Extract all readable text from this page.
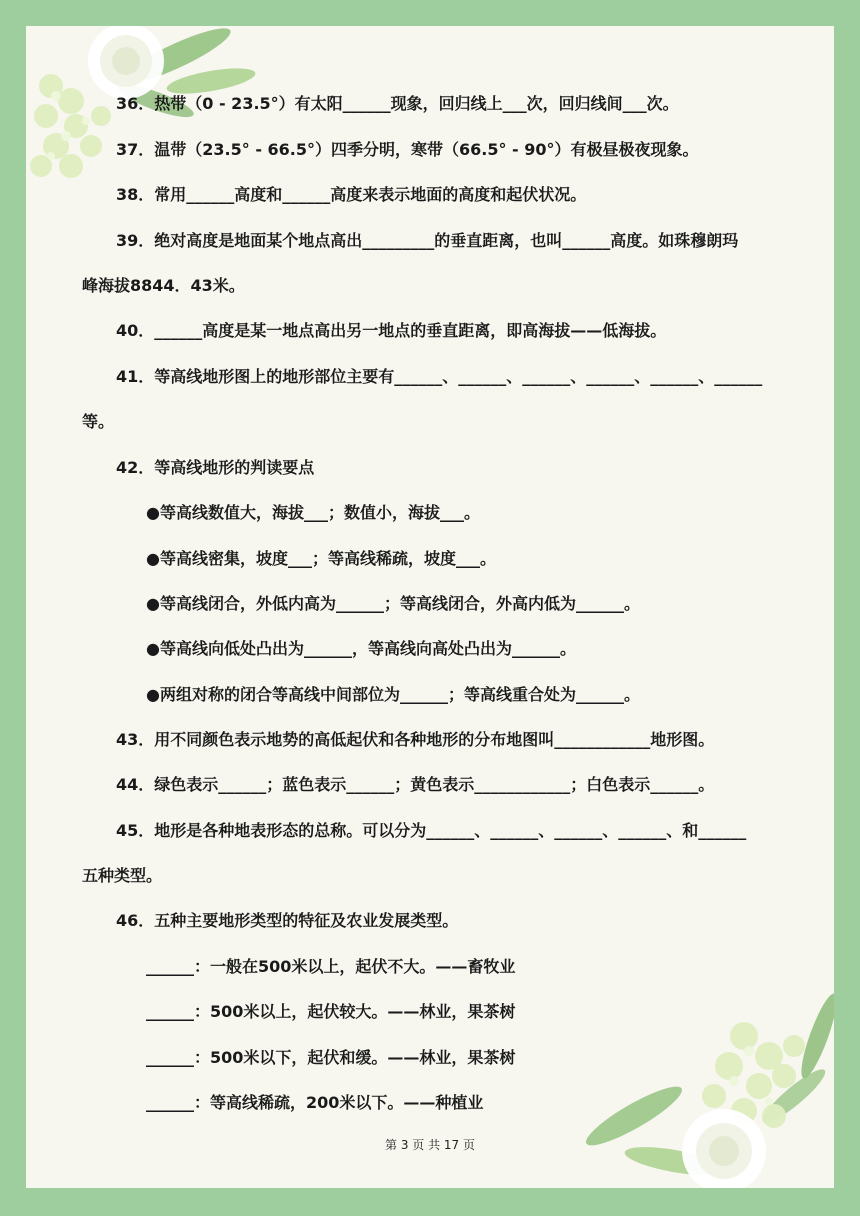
36．热带（0 - 23.5°）有太阳______现象，回归线上___次，回归线间___次。
37．温带（23.5° - 66.5°）四季分明，寒带（66.5° - 90°）有极昼极夜现象。
38．常用______高度和______高度来表示地面的高度和起伏状况。
39．绝对高度是地面某个地点高出_________的垂直距离，也叫______高度。如珠穆朗玛
峰海拔8844．43米。
40．______高度是某一地点高出另一地点的垂直距离，即高海拔——低海拔。
41．等高线地形图上的地形部位主要有______、______、______、______、______、______
等。
42．等高线地形的判读要点
●等高线数值大，海拔___；数值小，海拔___。
●等高线密集，坡度___；等高线稀疏，坡度___。
●等高线闭合，外低内高为______；等高线闭合，外高内低为______。
●等高线向低处凸出为______，等高线向高处凸出为______。
●两组对称的闭合等高线中间部位为______；等高线重合处为______。
43．用不同颜色表示地势的高低起伏和各种地形的分布地图叫____________地形图。
44．绿色表示______；蓝色表示______；黄色表示____________；白色表示______。
45．地形是各种地表形态的总称。可以分为______、______、______、______、和______
五种类型。
46．五种主要地形类型的特征及农业发展类型。
______：一般在500米以上，起伏不大。——畜牧业
______：500米以上，起伏较大。——林业，果茶树
______：500米以下，起伏和缓。——林业，果茶树
______：等高线稀疏，200米以下。——种植业
第 3 页 共 17 页
